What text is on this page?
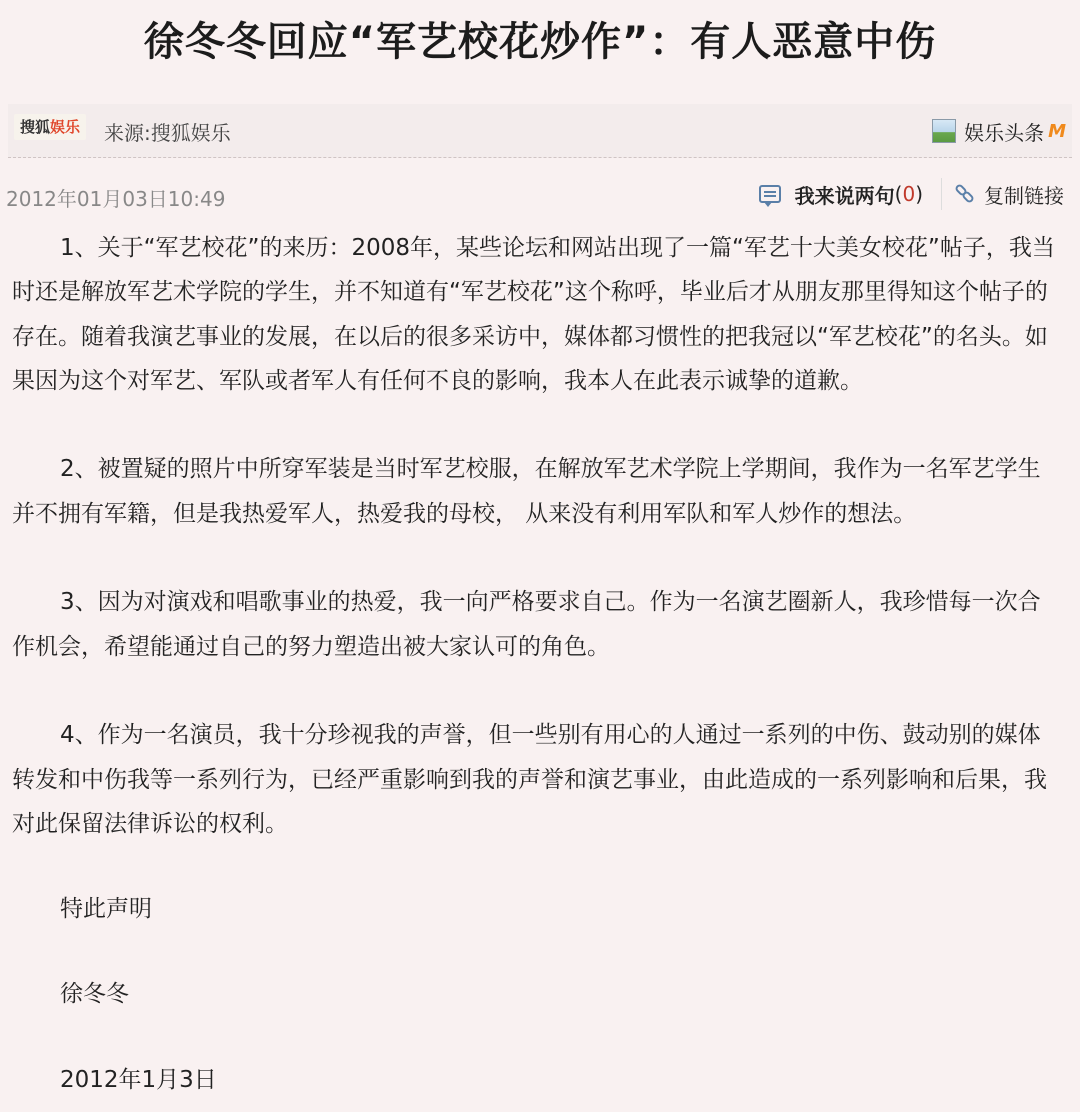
徐冬冬回应“军艺校花炒作”：有人恶意中伤
搜狐娱乐	来源:搜狐娱乐	娱乐头条 M
2012年01月03日10:49	我来说两句 ( 0 )	复制链接

1、关于“军艺校花”的来历：2008年，某些论坛和网站出现了一篇“军艺十大美女校花”帖子，我当时还是解放军艺术学院的学生，并不知道有“军艺校花”这个称呼，毕业后才从朋友那里得知这个帖子的存在。随着我演艺事业的发展，在以后的很多采访中，媒体都习惯性的把我冠以“军艺校花”的名头。如果因为这个对军艺、军队或者军人有任何不良的影响，我本人在此表示诚挚的道歉。

2、被置疑的照片中所穿军装是当时军艺校服，在解放军艺术学院上学期间，我作为一名军艺学生并不拥有军籍，但是我热爱军人，热爱我的母校， 从来没有利用军队和军人炒作的想法。

3、因为对演戏和唱歌事业的热爱，我一向严格要求自己。作为一名演艺圈新人，我珍惜每一次合作机会，希望能通过自己的努力塑造出被大家认可的角色。

4、作为一名演员，我十分珍视我的声誉，但一些别有用心的人通过一系列的中伤、鼓动别的媒体转发和中伤我等一系列行为，已经严重影响到我的声誉和演艺事业，由此造成的一系列影响和后果，我对此保留法律诉讼的权利。

特此声明

徐冬冬

2012年1月3日
